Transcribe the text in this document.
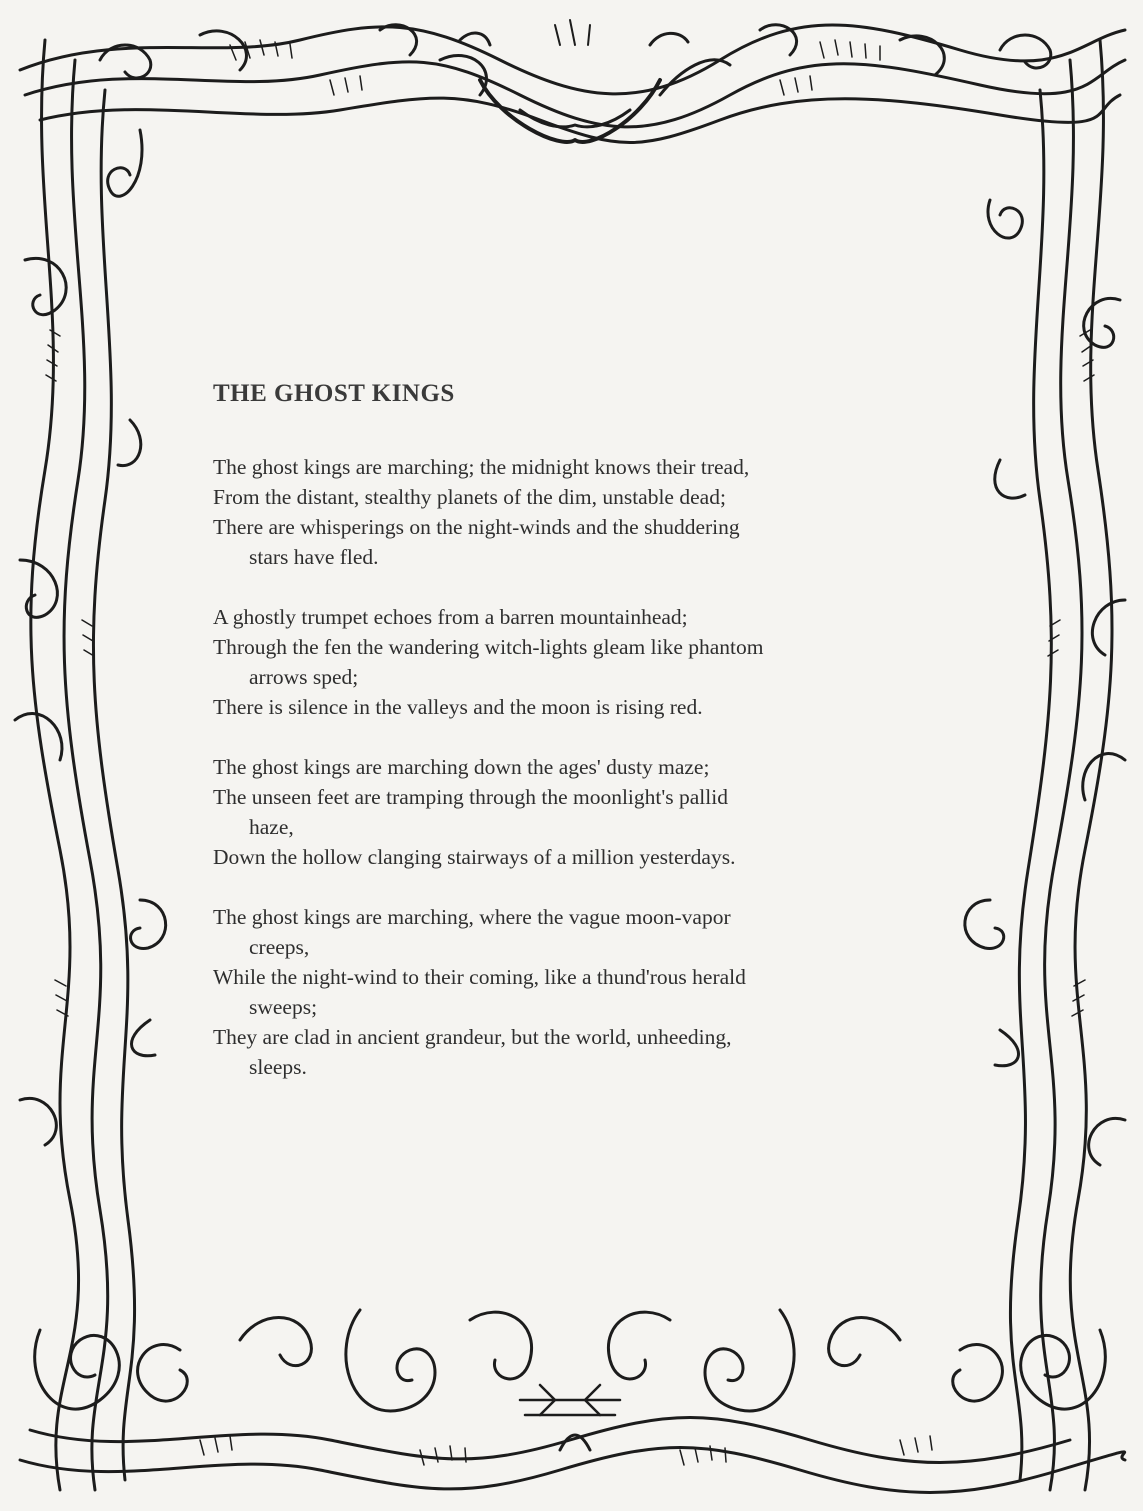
THE GHOST KINGS
The ghost kings are marching; the midnight knows their tread,
From the distant, stealthy planets of the dim, unstable dead;
There are whisperings on the night-winds and the shuddering
stars have fled.
A ghostly trumpet echoes from a barren mountainhead;
Through the fen the wandering witch-lights gleam like phantom
arrows sped;
There is silence in the valleys and the moon is rising red.
The ghost kings are marching down the ages' dusty maze;
The unseen feet are tramping through the moonlight's pallid
haze,
Down the hollow clanging stairways of a million yesterdays.
The ghost kings are marching, where the vague moon-vapor
creeps,
While the night-wind to their coming, like a thund'rous herald
sweeps;
They are clad in ancient grandeur, but the world, unheeding,
sleeps.
